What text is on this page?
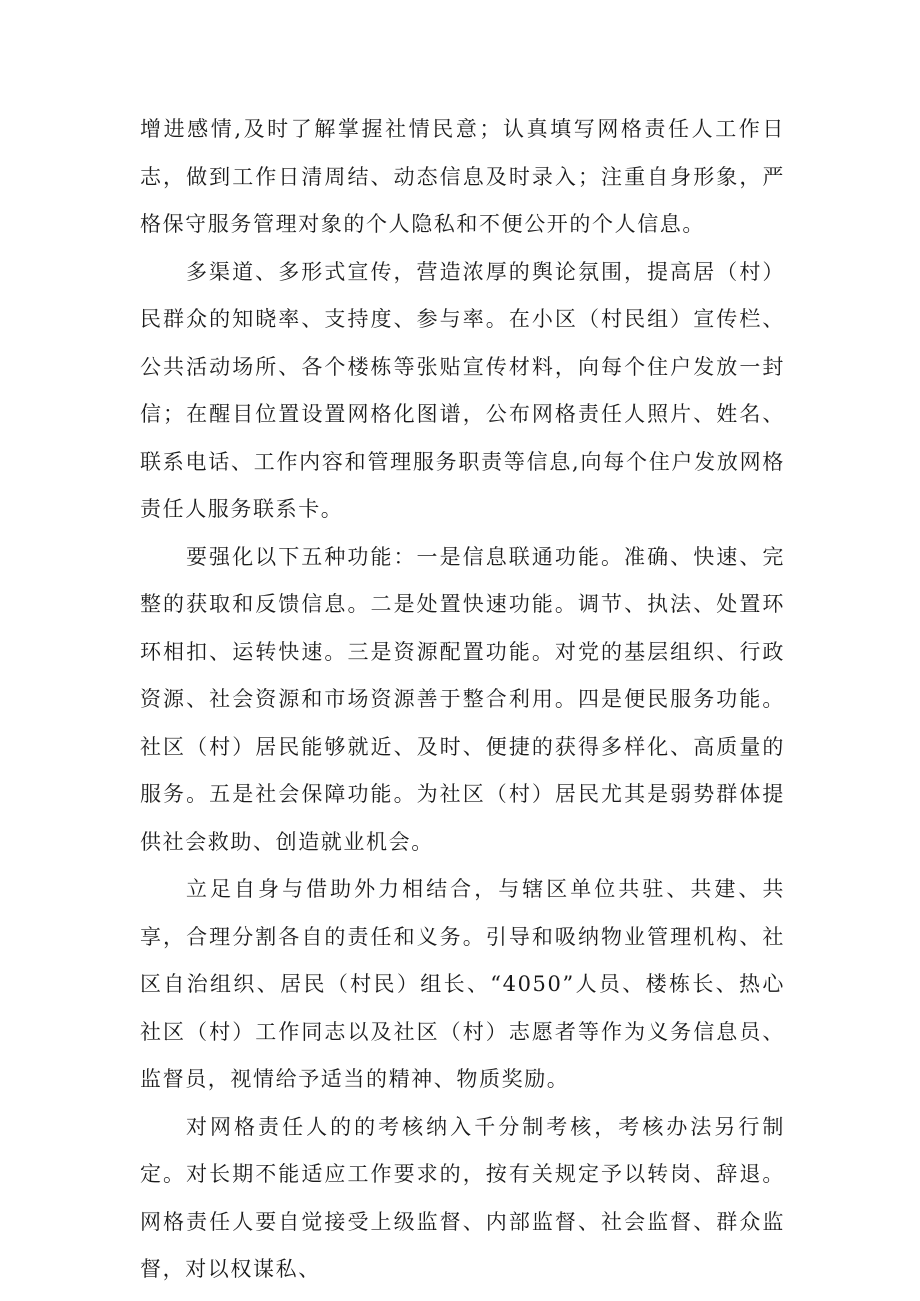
增进感情,及时了解掌握社情民意；认真填写网格责任人工作日志，做到工作日清周结、动态信息及时录入；注重自身形象，严格保守服务管理对象的个人隐私和不便公开的个人信息。

多渠道、多形式宣传，营造浓厚的舆论氛围，提高居（村）民群众的知晓率、支持度、参与率。在小区（村民组）宣传栏、公共活动场所、各个楼栋等张贴宣传材料，向每个住户发放一封信；在醒目位置设置网格化图谱，公布网格责任人照片、姓名、联系电话、工作内容和管理服务职责等信息,向每个住户发放网格责任人服务联系卡。

要强化以下五种功能：一是信息联通功能。准确、快速、完整的获取和反馈信息。二是处置快速功能。调节、执法、处置环环相扣、运转快速。三是资源配置功能。对党的基层组织、行政资源、社会资源和市场资源善于整合利用。四是便民服务功能。社区（村）居民能够就近、及时、便捷的获得多样化、高质量的服务。五是社会保障功能。为社区（村）居民尤其是弱势群体提供社会救助、创造就业机会。

立足自身与借助外力相结合，与辖区单位共驻、共建、共享，合理分割各自的责任和义务。引导和吸纳物业管理机构、社区自治组织、居民（村民）组长、“4050”人员、楼栋长、热心社区（村）工作同志以及社区（村）志愿者等作为义务信息员、监督员，视情给予适当的精神、物质奖励。

对网格责任人的的考核纳入千分制考核，考核办法另行制定。对长期不能适应工作要求的，按有关规定予以转岗、辞退。网格责任人要自觉接受上级监督、内部监督、社会监督、群众监督，对以权谋私、
